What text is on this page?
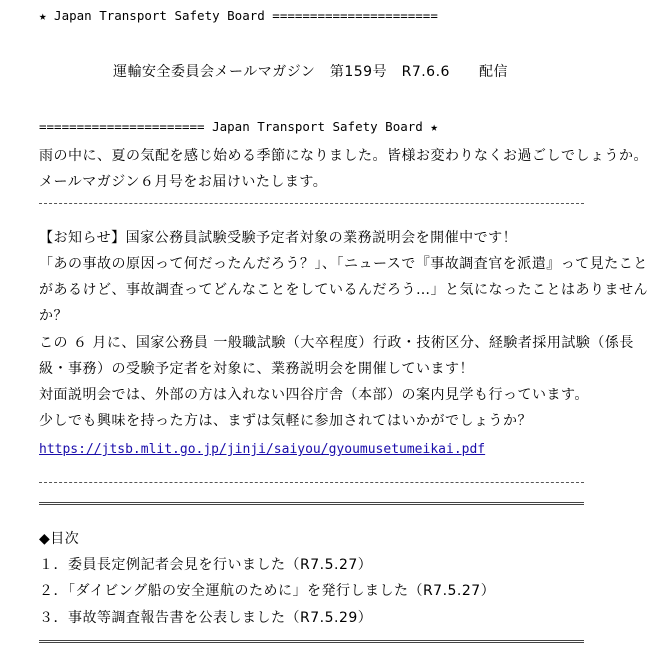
★ Japan Transport Safety Board ======================
運輸安全委員会メールマガジン　第159号　R7.6.6　　配信
====================== Japan Transport Safety Board ★
雨の中に、夏の気配を感じ始める季節になりました。皆様お変わりなくお過ごしでしょうか。
メールマガジン６月号をお届けいたします。
【お知らせ】国家公務員試験受験予定者対象の業務説明会を開催中です！
「あの事故の原因って何だったんだろう？」、「ニュースで『事故調査官を派遣』って見たこと
があるけど、事故調査ってどんなことをしているんだろう…」と気になったことはありません
か？
この ６ 月に、国家公務員 一般職試験（大卒程度）行政・技術区分、経験者採用試験（係長
級・事務）の受験予定者を対象に、業務説明会を開催しています！
対面説明会では、外部の方は入れない四谷庁舎（本部）の案内見学も行っています。
少しでも興味を持った方は、まずは気軽に参加されてはいかがでしょうか？
https://jtsb.mlit.go.jp/jinji/saiyou/gyoumusetumeikai.pdf
◆目次
１．委員長定例記者会見を行いました（R7.5.27）
２．「ダイビング船の安全運航のために」を発行しました（R7.5.27）
３．事故等調査報告書を公表しました（R7.5.29）
